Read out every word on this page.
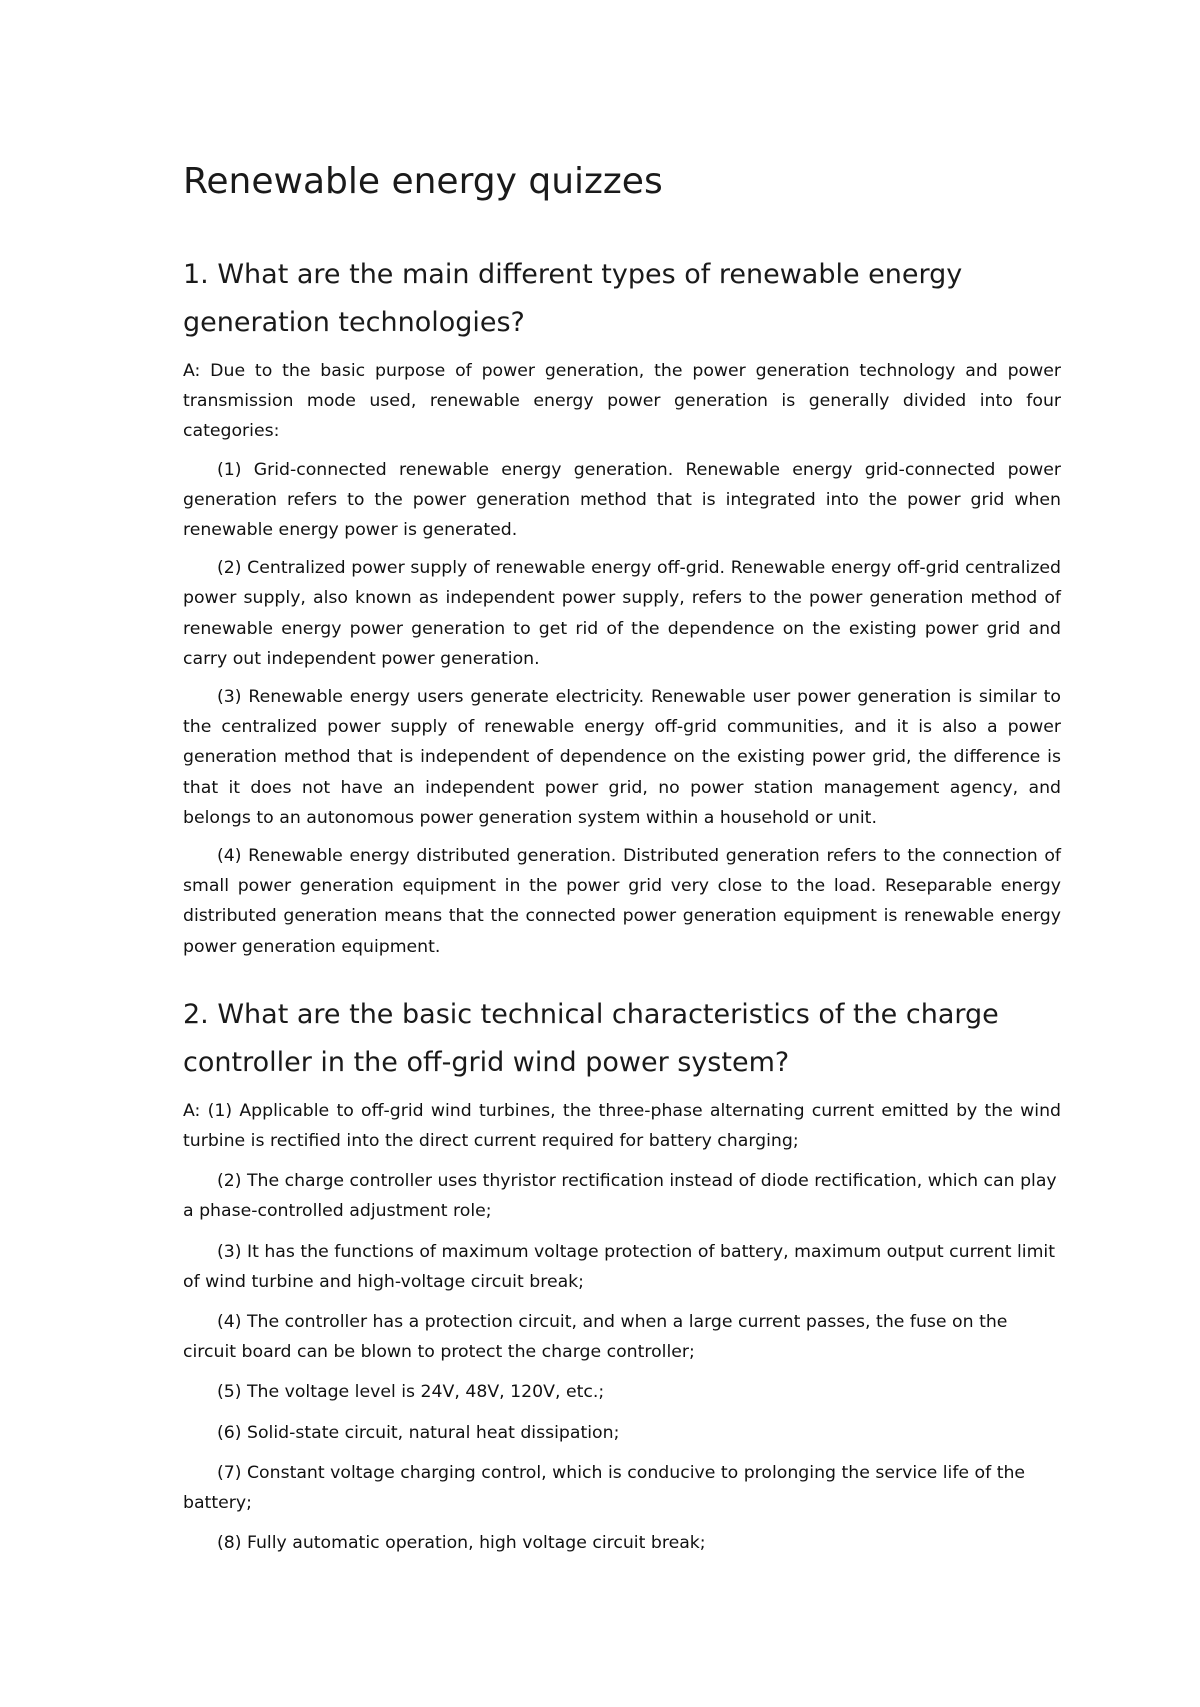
Renewable energy quizzes
1. What are the main different types of renewable energy generation technologies?

A: Due to the basic purpose of power generation, the power generation technology and power transmission mode used, renewable energy power generation is generally divided into four categories:

(1) Grid-connected renewable energy generation. Renewable energy grid-connected power generation refers to the power generation method that is integrated into the power grid when renewable energy power is generated.

(2) Centralized power supply of renewable energy off-grid. Renewable energy off-grid centralized power supply, also known as independent power supply, refers to the power generation method of renewable energy power generation to get rid of the dependence on the existing power grid and carry out independent power generation.

(3) Renewable energy users generate electricity. Renewable user power generation is similar to the centralized power supply of renewable energy off-grid communities, and it is also a power generation method that is independent of dependence on the existing power grid, the difference is that it does not have an independent power grid, no power station management agency, and belongs to an autonomous power generation system within a household or unit.

(4) Renewable energy distributed generation. Distributed generation refers to the connection of small power generation equipment in the power grid very close to the load. Reseparable energy distributed generation means that the connected power generation equipment is renewable energy power generation equipment.

2. What are the basic technical characteristics of the charge controller in the off-grid wind power system?

A: (1) Applicable to off-grid wind turbines, the three-phase alternating current emitted by the wind turbine is rectified into the direct current required for battery charging;

(2) The charge controller uses thyristor rectification instead of diode rectification, which can play a phase-controlled adjustment role;

(3) It has the functions of maximum voltage protection of battery, maximum output current limit of wind turbine and high-voltage circuit break;

(4) The controller has a protection circuit, and when a large current passes, the fuse on the circuit board can be blown to protect the charge controller;

(5) The voltage level is 24V, 48V, 120V, etc.;

(6) Solid-state circuit, natural heat dissipation;

(7) Constant voltage charging control, which is conducive to prolonging the service life of the battery;

(8) Fully automatic operation, high voltage circuit break;
